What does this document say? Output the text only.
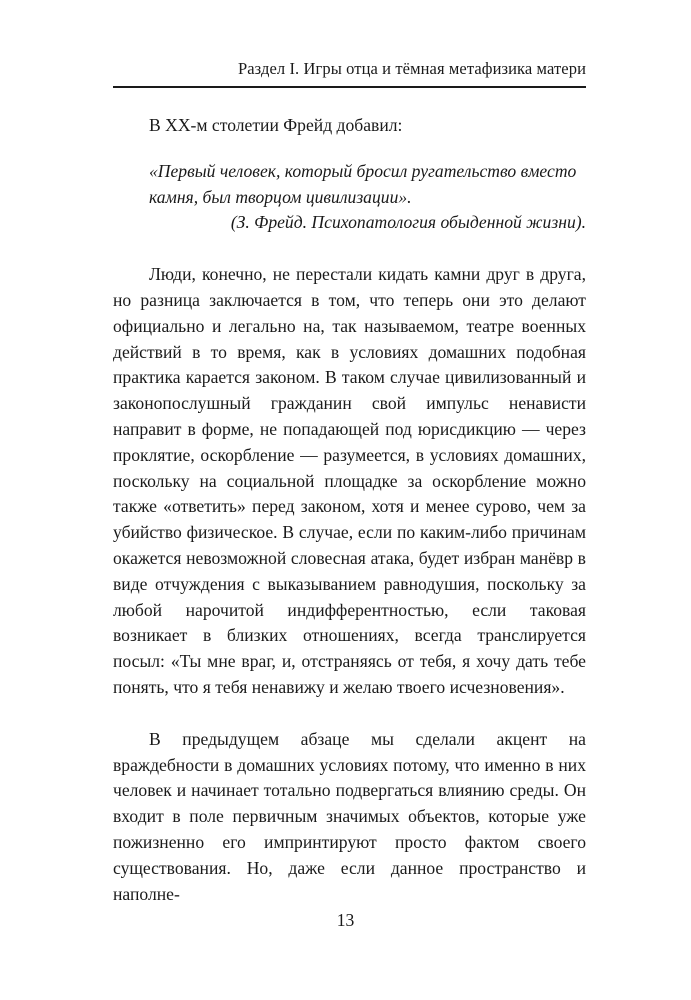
Раздел I. Игры отца и тёмная метафизика матери

В XX-м столетии Фрейд добавил:

«Первый человек, который бросил ругательство вместо камня, был творцом цивилизации».

(З. Фрейд. Психопатология обыденной жизни).

Люди, конечно, не перестали кидать камни друг в друга, но разница заключается в том, что теперь они это делают официально и легально на, так называемом, театре военных действий в то время, как в условиях домашних подобная практика карается законом. В таком случае цивилизованный и законопослушный гражданин свой импульс ненависти направит в форме, не попадающей под юрисдикцию — через проклятие, оскорбление — разумеется, в условиях домашних, поскольку на социальной площадке за оскорбление можно также «ответить» перед законом, хотя и менее сурово, чем за убийство физическое. В случае, если по каким-либо причинам окажется невозможной словесная атака, будет избран манёвр в виде отчуждения с выказыванием равнодушия, поскольку за любой нарочитой индифферентностью, если таковая возникает в близких отношениях, всегда транслируется посыл: «Ты мне враг, и, отстраняясь от тебя, я хочу дать тебе понять, что я тебя ненавижу и желаю твоего исчезновения».

В предыдущем абзаце мы сделали акцент на враждебности в домашних условиях потому, что именно в них человек и начинает тотально подвергаться влиянию среды. Он входит в поле первичным значимых объектов, которые уже пожизненно его импринтируют просто фактом своего существования. Но, даже если данное пространство и наполне-

13
